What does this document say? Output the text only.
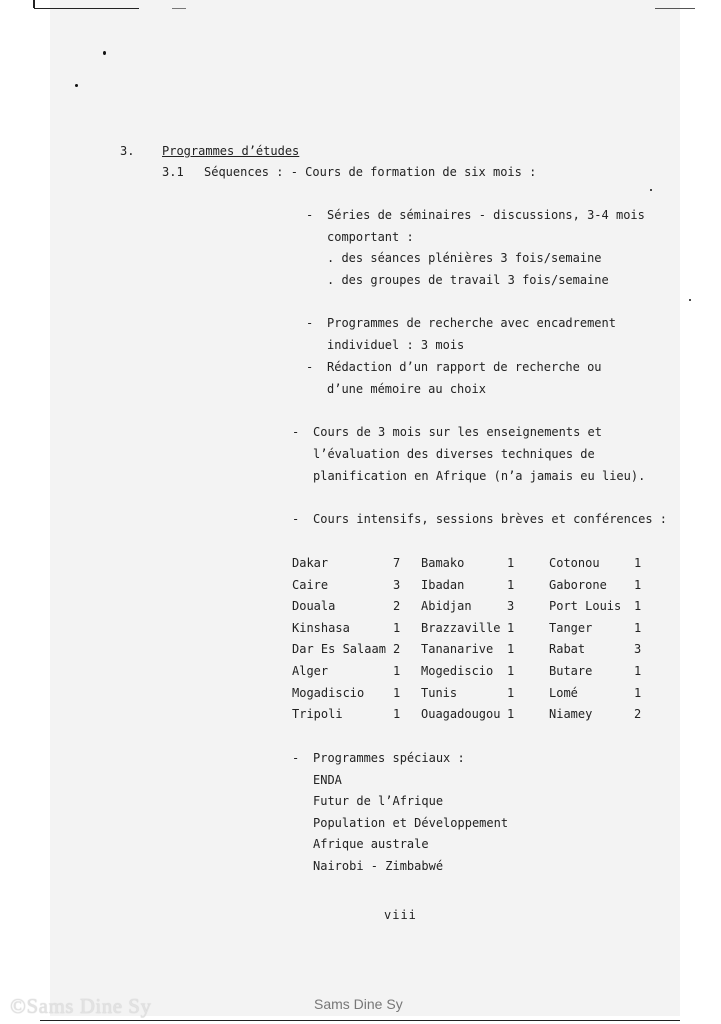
3. Programmes d’études
3.1 Séquences : - Cours de formation de six mois :
- Séries de séminaires - discussions, 3-4 mois
comportant :
. des séances plénières 3 fois/semaine
. des groupes de travail 3 fois/semaine
- Programmes de recherche avec encadrement
individuel : 3 mois
- Rédaction d’un rapport de recherche ou
d’une mémoire au choix
- Cours de 3 mois sur les enseignements et
l’évaluation des diverses techniques de
planification en Afrique (n’a jamais eu lieu).
- Cours intensifs, sessions brèves et conférences :
Dakar	7 Bamako	1	Cotonou	1
Caire	3 Ibadan	1	Gaborone 1
Douala	2 Abidjan	3	Port Louis 1
Kinshasa	1 Brazzaville 1	Tanger	1
Dar Es Salaam 2 Tananarive 1	Rabat	3
Alger	1 Mogediscio 1	Butare	1
Mogadiscio 1 Tunis	1	Lomé	1
Tripoli	1 Ouagadougou 1	Niamey	2
- Programmes spéciaux :
ENDA
Futur de l’Afrique
Population et Développement
Afrique australe
Nairobi - Zimbabwé
viii
©Sams Dine Sy	Sams Dine Sy
